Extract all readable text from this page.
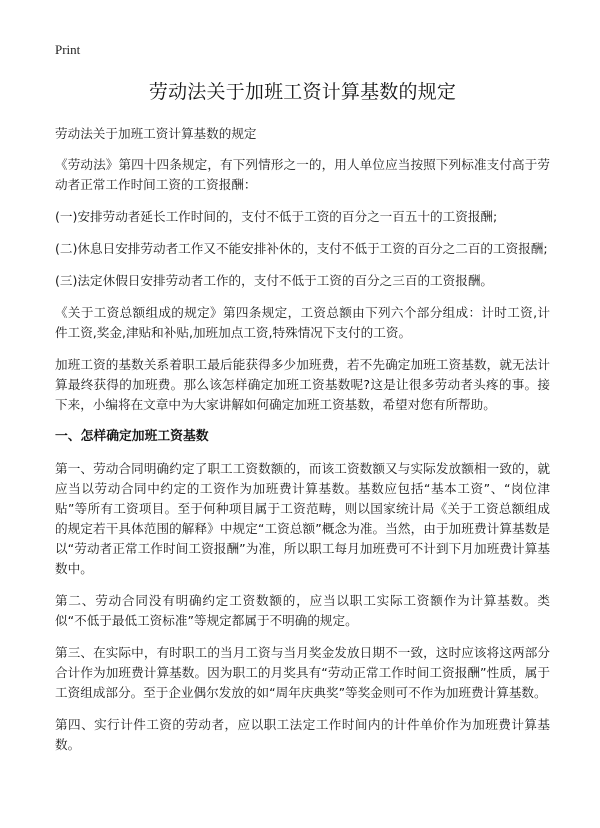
Print
劳动法关于加班工资计算基数的规定

劳动法关于加班工资计算基数的规定

《劳动法》第四十四条规定，有下列情形之一的，用人单位应当按照下列标准支付高于劳动者正常工作时间工资的工资报酬：

(一)安排劳动者延长工作时间的，支付不低于工资的百分之一百五十的工资报酬;

(二)休息日安排劳动者工作又不能安排补休的，支付不低于工资的百分之二百的工资报酬;

(三)法定休假日安排劳动者工作的，支付不低于工资的百分之三百的工资报酬。

《关于工资总额组成的规定》第四条规定，工资总额由下列六个部分组成：计时工资,计件工资,奖金,津贴和补贴,加班加点工资,特殊情况下支付的工资。

加班工资的基数关系着职工最后能获得多少加班费，若不先确定加班工资基数，就无法计算最终获得的加班费。那么该怎样确定加班工资基数呢?这是让很多劳动者头疼的事。接下来，小编将在文章中为大家讲解如何确定加班工资基数，希望对您有所帮助。

一、怎样确定加班工资基数

第一、劳动合同明确约定了职工工资数额的，而该工资数额又与实际发放额相一致的，就应当以劳动合同中约定的工资作为加班费计算基数。基数应包括“基本工资”、“岗位津贴”等所有工资项目。至于何种项目属于工资范畴，则以国家统计局《关于工资总额组成的规定若干具体范围的解释》中规定“工资总额”概念为准。当然，由于加班费计算基数是以“劳动者正常工作时间工资报酬”为准，所以职工每月加班费可不计到下月加班费计算基数中。

第二、劳动合同没有明确约定工资数额的，应当以职工实际工资额作为计算基数。类似“不低于最低工资标准”等规定都属于不明确的规定。

第三、在实际中，有时职工的当月工资与当月奖金发放日期不一致，这时应该将这两部分合计作为加班费计算基数。因为职工的月奖具有“劳动正常工作时间工资报酬”性质，属于工资组成部分。至于企业偶尔发放的如“周年庆典奖”等奖金则可不作为加班费计算基数。

第四、实行计件工资的劳动者，应以职工法定工作时间内的计件单价作为加班费计算基数。
